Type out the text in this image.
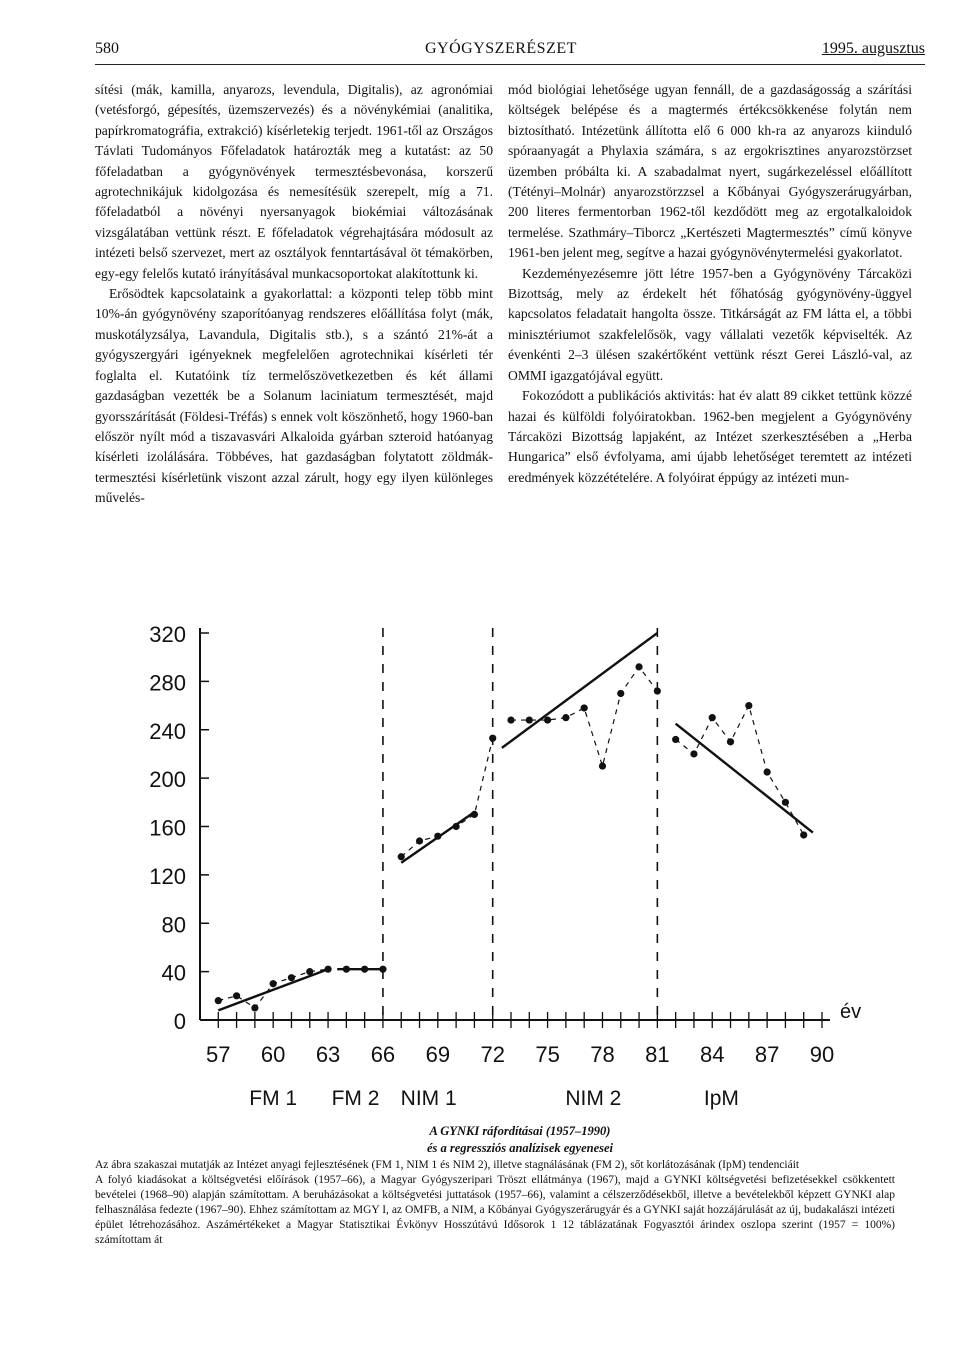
580	GYÓGYSZERÉSZET	1995. augusztus

sítési (mák, kamilla, anyarozs, levendula, Digitalis), az agronómiai (vetésforgó, gépesítés, üzemszervezés) és a növénykémiai (analitika, papírkromatográfia, extrakció) kísérletekig terjedt. 1961-től az Országos Távlati Tudományos Főfeladatok határozták meg a kutatást: az 50 főfeladatban a gyógynövények termesztésbevonása, korszerű agrotechnikájuk kidolgozása és nemesítésük szerepelt, míg a 71. főfeladatból a növényi nyersanyagok biokémiai változásának vizsgálatában vettünk részt. E főfeladatok végrehajtására módosult az intézeti belső szervezet, mert az osztályok fenntartásával öt témakörben, egy-egy felelős kutató irányításával munkacsoportokat alakítottunk ki.

Erősödtek kapcsolataink a gyakorlattal: a központi telep több mint 10%-án gyógynövény szaporítóanyag rendszeres előállítása folyt (mák, muskotályzsálya, Lavandula, Digitalis stb.), s a szántó 21%-át a gyógyszergyári igényeknek megfelelően agrotechnikai kísérleti tér foglalta el. Kutatóink tíz termelőszövetkezetben és két állami gazdaságban vezették be a Solanum laciniatum termesztését, majd gyorsszárítását (Földesi-Tréfás) s ennek volt köszönhető, hogy 1960-ban először nyílt mód a tiszavasvári Alkaloida gyárban szteroid hatóanyag kísérleti izolálására. Többéves, hat gazdaságban folytatott zöldmák-termesztési kísérletünk viszont azzal zárult, hogy egy ilyen különleges művelés-

mód biológiai lehetősége ugyan fennáll, de a gazdaságosság a szárítási költségek belépése és a magtermés értékcsökkenése folytán nem biztosítható. Intézetünk állította elő 6 000 kh-ra az anyarozs kiinduló spóraanyagát a Phylaxia számára, s az ergokrisztines anyarozstörzset üzemben próbálta ki. A szabadalmat nyert, sugárkezeléssel előállított (Tétényi–Molnár) anyarozstörzzsel a Kőbányai Gyógyszerárugyárban, 200 literes fermentorban 1962-től kezdődött meg az ergotalkaloidok termelése. Szathmáry–Tiborcz „Kertészeti Magtermesztés” című könyve 1961-ben jelent meg, segítve a hazai gyógynövénytermelési gyakorlatot.

Kezdeményezésemre jött létre 1957-ben a Gyógynövény Tárcaközi Bizottság, mely az érdekelt hét főhatóság gyógynövény-üggyel kapcsolatos feladatait hangolta össze. Titkárságát az FM látta el, a többi minisztériumot szakfelelősök, vagy vállalati vezetők képviselték. Az évenkénti 2–3 ülésen szakértőként vettünk részt Gerei László-val, az OMMI igazgatójával együtt.

Fokozódott a publikációs aktivitás: hat év alatt 89 cikket tettünk közzé hazai és külföldi folyóiratokban. 1962-ben megjelent a Gyógynövény Tárcaközi Bizottság lapjaként, az Intézet szerkesztésében a „Herba Hungarica” első évfolyama, ami újabb lehetőséget teremtett az intézeti eredmények közzétételére. A folyóirat éppúgy az intézeti mun-

0
40
80
120
160
200
240
280
320
57 60 63 66 69 72 75 78 81 84 87 90
év
FM 1 FM 2 NIM 1	NIM 2	IpM
A GYNKI ráfordításai (1957–1990)
és a regressziós analízisek egyenesei

Az ábra szakaszai mutatják az Intézet anyagi fejlesztésének (FM 1, NIM 1 és NIM 2), illetve stagnálásának (FM 2), sőt korlátozásának (IpM) tendenciáit

A folyó kiadásokat a költségvetési előírások (1957–66), a Magyar Gyógyszeripari Tröszt ellátmánya (1967), majd a GYNKI költségvetési befizetésekkel csökkentett bevételei (1968–90) alapján számítottam. A beruházásokat a költségvetési juttatások (1957–66), valamint a célszerződésekből, illetve a bevételekből képzett GYNKI alap felhasználása fedezte (1967–90). Ehhez számítottam az MGY I, az OMFB, a NIM, a Kőbányai Gyógyszerárugyár és a GYNKI saját hozzájárulását az új, budakalászi intézeti épület létrehozásához. Aszámértékeket a Magyar Statisztikai Évkönyv Hosszútávú Idősorok 1 12 táblázatának Fogyasztói árindex oszlopa szerint (1957 = 100%) számítottam át
